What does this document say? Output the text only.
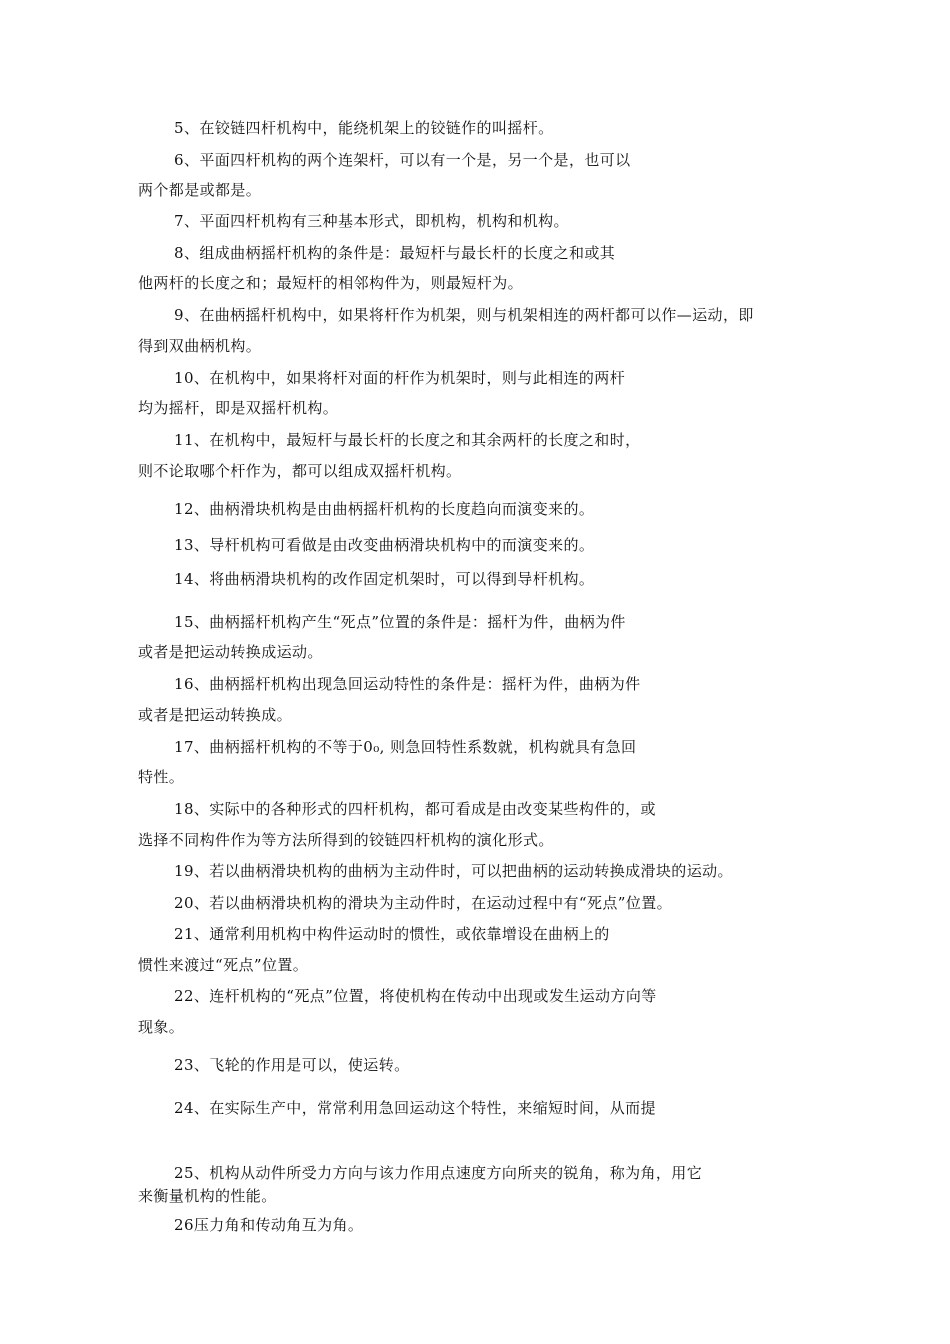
5、在铰链四杆机构中，能绕机架上的铰链作的叫摇杆。
6、平面四杆机构的两个连架杆，可以有一个是，另一个是，也可以
两个都是或都是。
7、平面四杆机构有三种基本形式，即机构，机构和机构。
8、组成曲柄摇杆机构的条件是：最短杆与最长杆的长度之和或其
他两杆的长度之和；最短杆的相邻构件为，则最短杆为。
9、在曲柄摇杆机构中，如果将杆作为机架，则与机架相连的两杆都可以作—运动，即
得到双曲柄机构。
10、在机构中，如果将杆对面的杆作为机架时，则与此相连的两杆
均为摇杆，即是双摇杆机构。
11、在机构中，最短杆与最长杆的长度之和其余两杆的长度之和时，
则不论取哪个杆作为，都可以组成双摇杆机构。
12、曲柄滑块机构是由曲柄摇杆机构的长度趋向而演变来的。
13、导杆机构可看做是由改变曲柄滑块机构中的而演变来的。
14、将曲柄滑块机构的改作固定机架时，可以得到导杆机构。
15、曲柄摇杆机构产生“死点”位置的条件是：摇杆为件，曲柄为件
或者是把运动转换成运动。
16、曲柄摇杆机构出现急回运动特性的条件是：摇杆为件，曲柄为件
或者是把运动转换成。
17、曲柄摇杆机构的不等于0₀, 则急回特性系数就，机构就具有急回
特性。
18、实际中的各种形式的四杆机构，都可看成是由改变某些构件的，或
选择不同构件作为等方法所得到的铰链四杆机构的演化形式。
19、若以曲柄滑块机构的曲柄为主动件时，可以把曲柄的运动转换成滑块的运动。
20、若以曲柄滑块机构的滑块为主动件时，在运动过程中有“死点”位置。
21、通常利用机构中构件运动时的惯性，或依靠增设在曲柄上的
惯性来渡过“死点”位置。
22、连杆机构的“死点”位置，将使机构在传动中出现或发生运动方向等
现象。
23、飞轮的作用是可以，使运转。
24、在实际生产中，常常利用急回运动这个特性，来缩短时间，从而提
25、机构从动件所受力方向与该力作用点速度方向所夹的锐角，称为角，用它
来衡量机构的性能。
26压力角和传动角互为角。
